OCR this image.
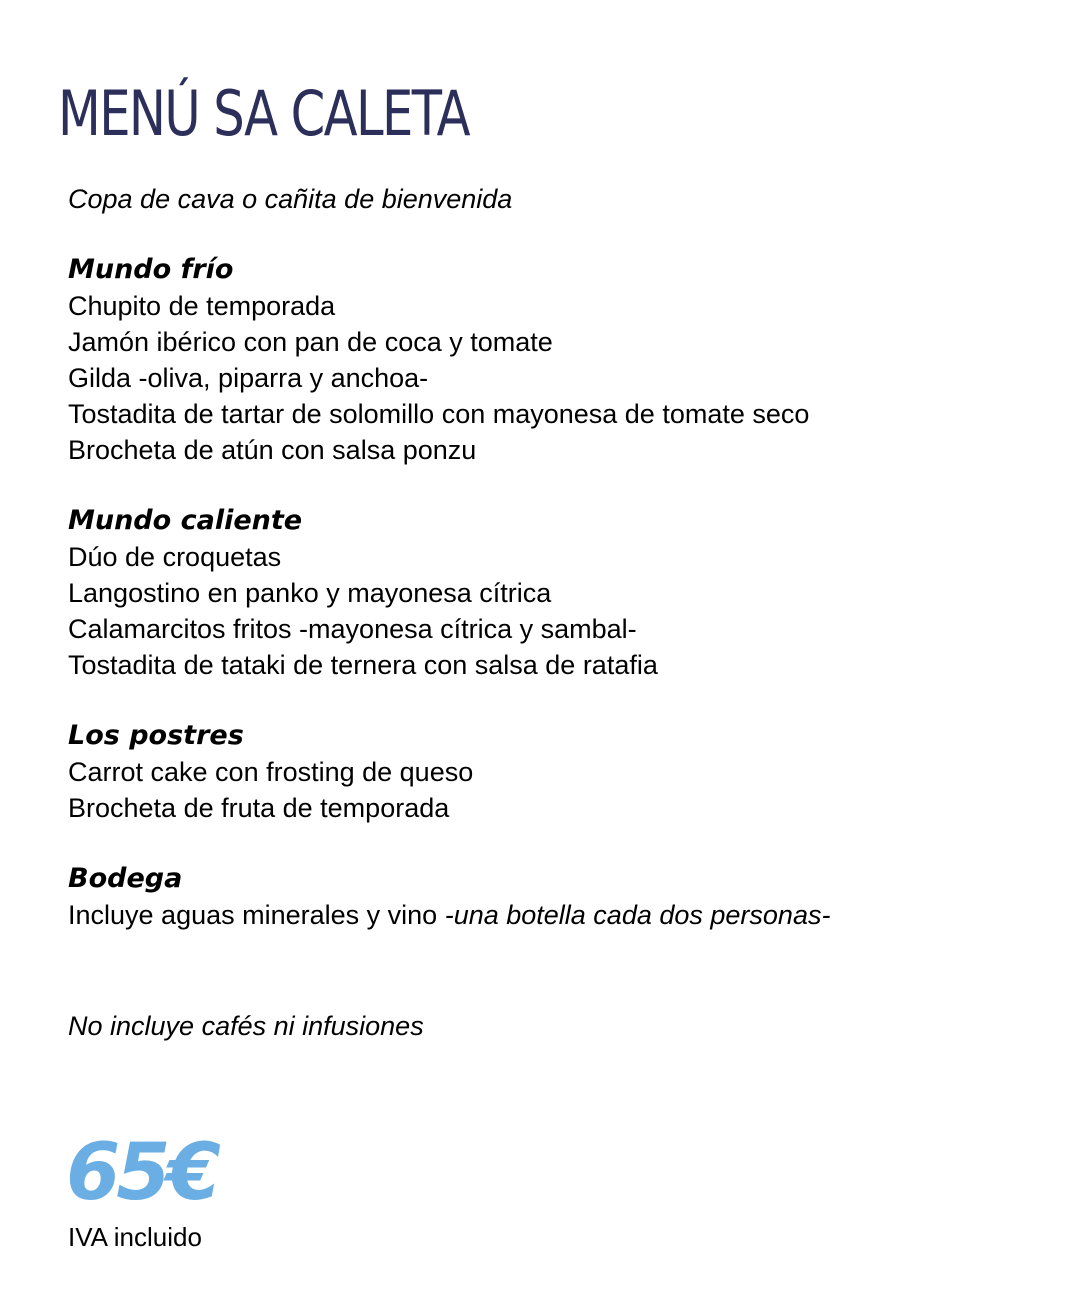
MENÚ SA CALETA

Copa de cava o cañita de bienvenida

Mundo frío

Chupito de temporada

Jamón ibérico con pan de coca y tomate

Gilda -oliva, piparra y anchoa-

Tostadita de tartar de solomillo con mayonesa de tomate seco

Brocheta de atún con salsa ponzu

Mundo caliente

Dúo de croquetas

Langostino en panko y mayonesa cítrica

Calamarcitos fritos -mayonesa cítrica y sambal-

Tostadita de tataki de ternera con salsa de ratafia

Los postres

Carrot cake con frosting de queso

Brocheta de fruta de temporada

Bodega

Incluye aguas minerales y vino -una botella cada dos personas-

No incluye cafés ni infusiones

65€

IVA incluido
